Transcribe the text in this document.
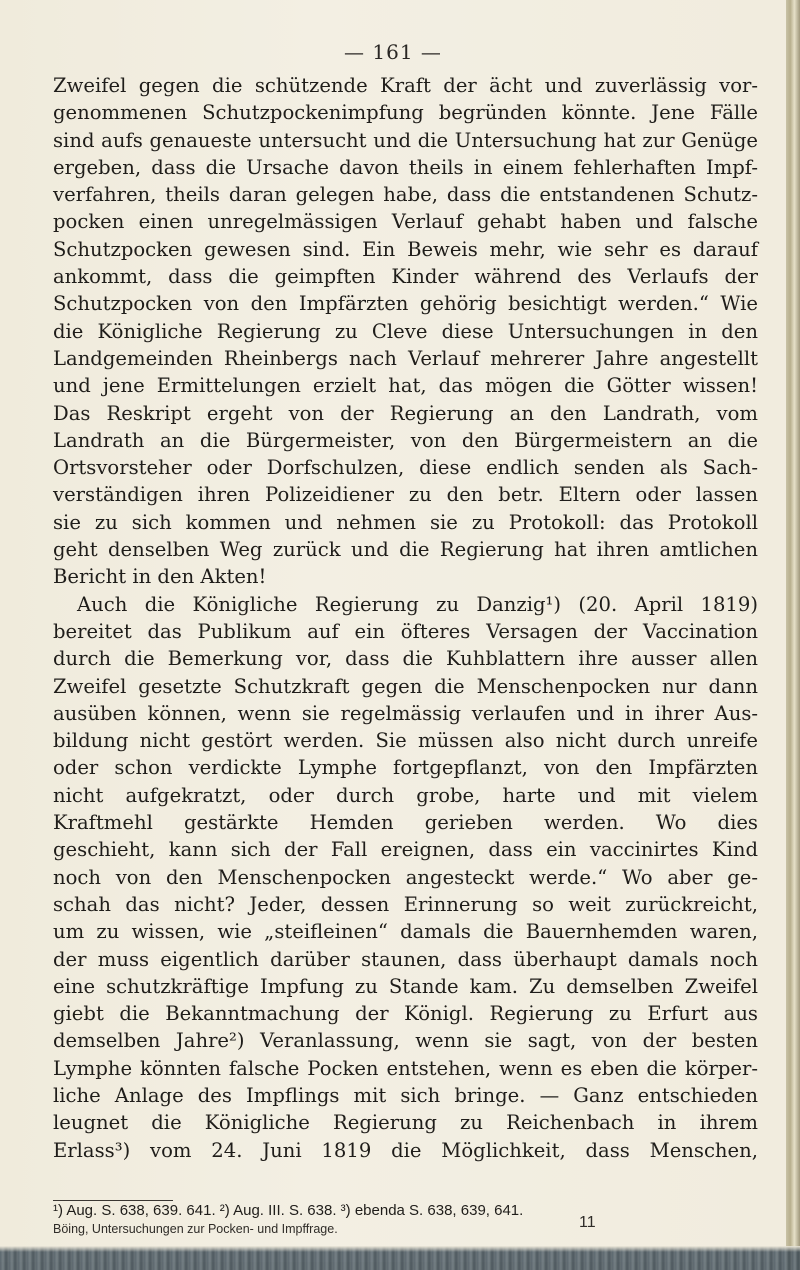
— 161 —
Zweifel gegen die schützende Kraft der ächt und zuverlässig vor-
genommenen Schutzpockenimpfung begründen könnte. Jene Fälle
sind aufs genaueste untersucht und die Untersuchung hat zur Genüge
ergeben, dass die Ursache davon theils in einem fehlerhaften Impf-
verfahren, theils daran gelegen habe, dass die entstandenen Schutz-
pocken einen unregelmässigen Verlauf gehabt haben und falsche
Schutzpocken gewesen sind. Ein Beweis mehr, wie sehr es darauf
ankommt, dass die geimpften Kinder während des Verlaufs der
Schutzpocken von den Impfärzten gehörig besichtigt werden.“ Wie
die Königliche Regierung zu Cleve diese Untersuchungen in den
Landgemeinden Rheinbergs nach Verlauf mehrerer Jahre angestellt
und jene Ermittelungen erzielt hat, das mögen die Götter wissen!
Das Reskript ergeht von der Regierung an den Landrath, vom
Landrath an die Bürgermeister, von den Bürgermeistern an die
Ortsvorsteher oder Dorfschulzen, diese endlich senden als Sach-
verständigen ihren Polizeidiener zu den betr. Eltern oder lassen
sie zu sich kommen und nehmen sie zu Protokoll: das Protokoll
geht denselben Weg zurück und die Regierung hat ihren amtlichen
Bericht in den Akten!
Auch die Königliche Regierung zu Danzig¹) (20. April 1819)
bereitet das Publikum auf ein öfteres Versagen der Vaccination
durch die Bemerkung vor, dass die Kuhblattern ihre ausser allen
Zweifel gesetzte Schutzkraft gegen die Menschenpocken nur dann
ausüben können, wenn sie regelmässig verlaufen und in ihrer Aus-
bildung nicht gestört werden. Sie müssen also nicht durch unreife
oder schon verdickte Lymphe fortgepflanzt, von den Impfärzten
nicht aufgekratzt, oder durch grobe, harte und mit vielem
Kraftmehl gestärkte Hemden gerieben werden. Wo dies
geschieht, kann sich der Fall ereignen, dass ein vaccinirtes Kind
noch von den Menschenpocken angesteckt werde.“ Wo aber ge-
schah das nicht? Jeder, dessen Erinnerung so weit zurückreicht,
um zu wissen, wie „steifleinen“ damals die Bauernhemden waren,
der muss eigentlich darüber staunen, dass überhaupt damals noch
eine schutzkräftige Impfung zu Stande kam. Zu demselben Zweifel
giebt die Bekanntmachung der Königl. Regierung zu Erfurt aus
demselben Jahre²) Veranlassung, wenn sie sagt, von der besten
Lymphe könnten falsche Pocken entstehen, wenn es eben die körper-
liche Anlage des Impflings mit sich bringe. — Ganz entschieden
leugnet die Königliche Regierung zu Reichenbach in ihrem
Erlass³) vom 24. Juni 1819 die Möglichkeit, dass Menschen,
¹) Aug. S. 638, 639. 641. ²) Aug. III. S. 638. ³) ebenda S. 638, 639, 641.
Böing, Untersuchungen zur Pocken- und Impffrage.	11
